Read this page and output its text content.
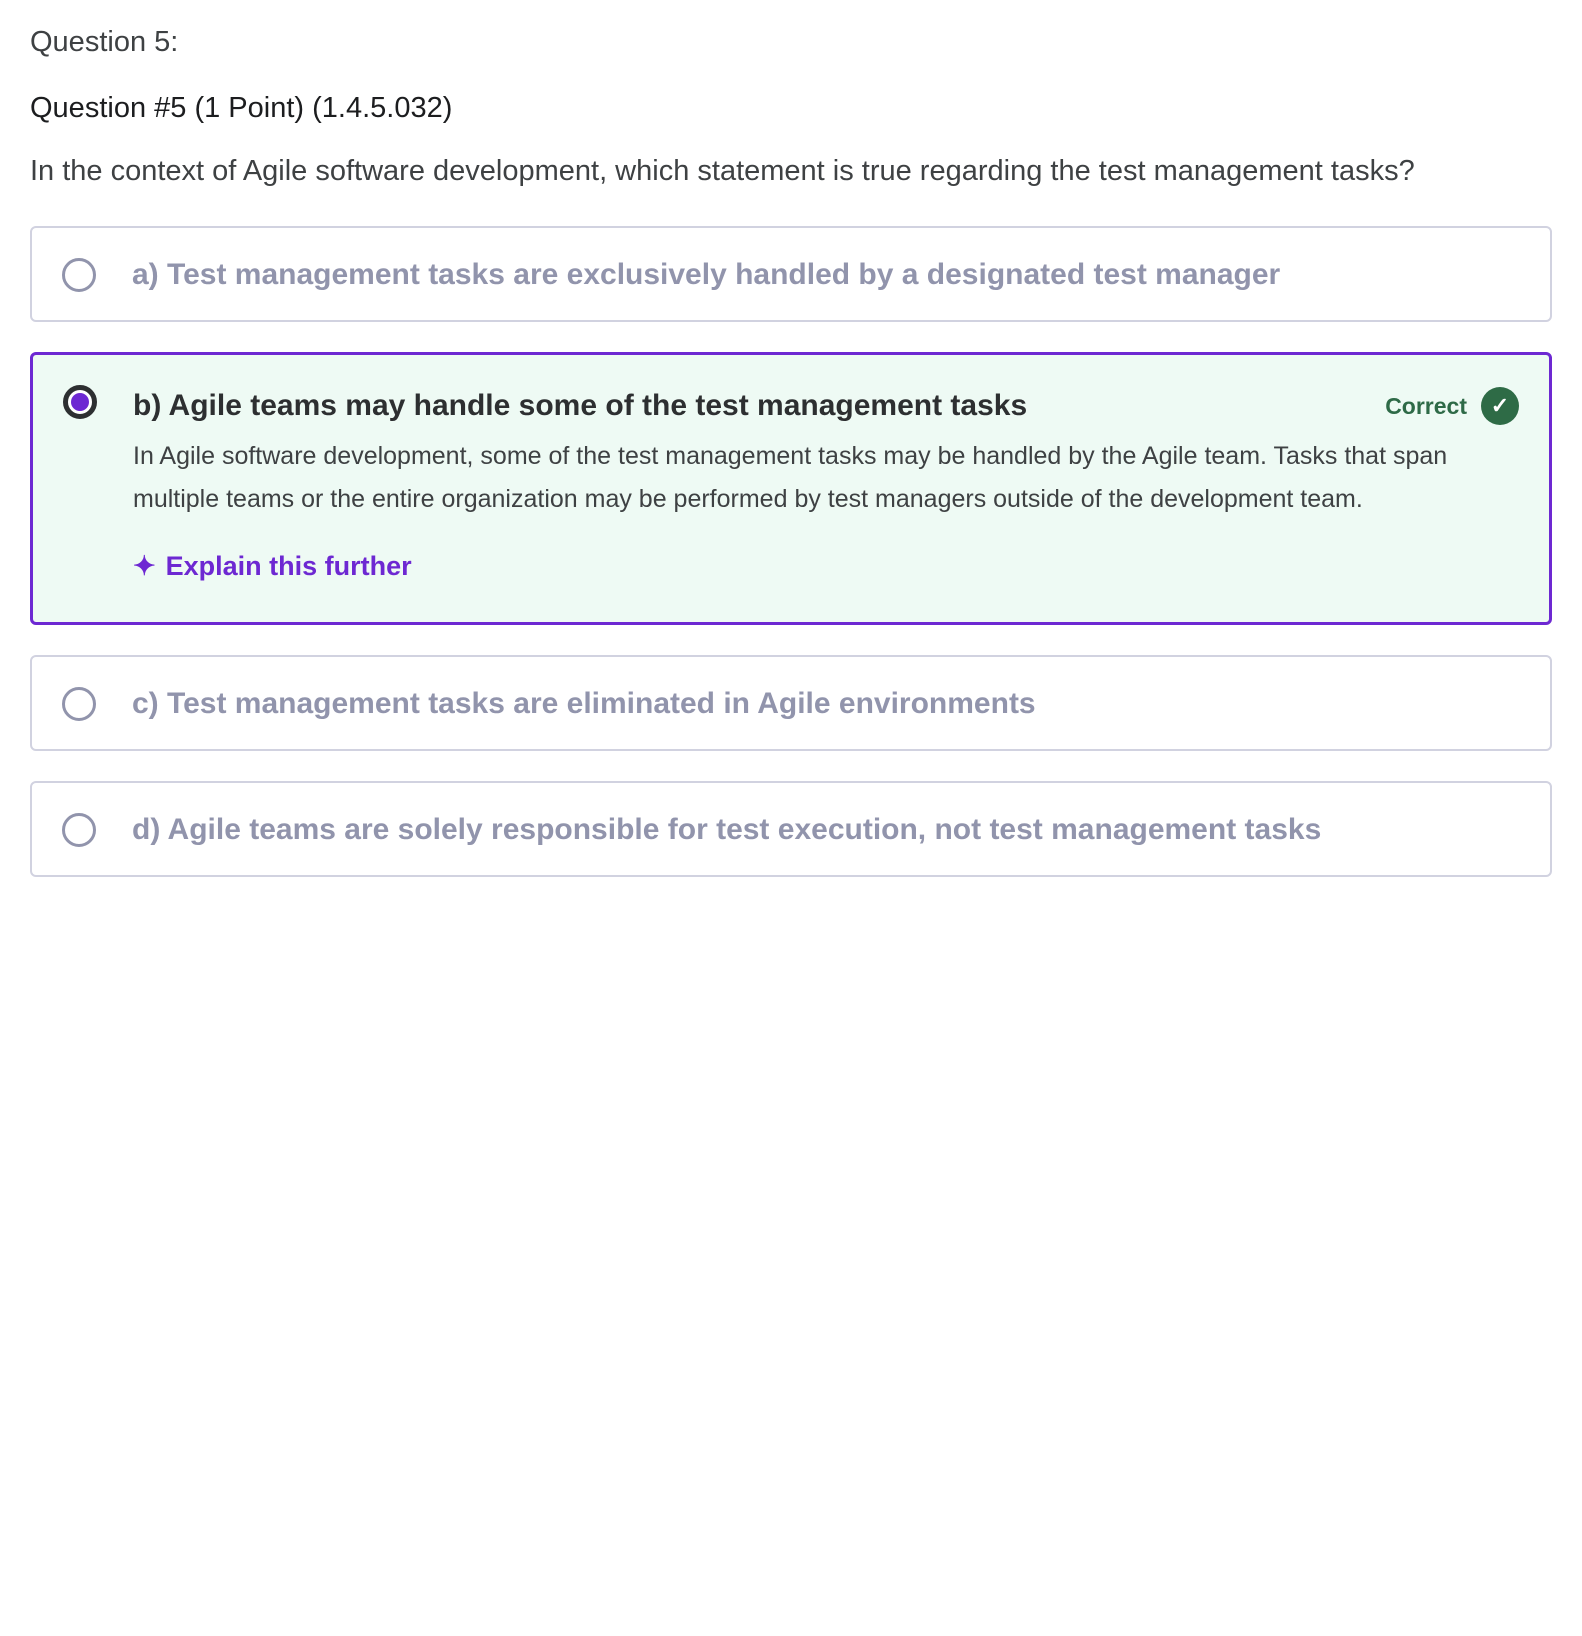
Question 5:
Question #5 (1 Point) (1.4.5.032)
In the context of Agile software development, which statement is true regarding the test management tasks?
a) Test management tasks are exclusively handled by a designated test manager
b) Agile teams may handle some of the test management tasks	Correct	✓
In Agile software development, some of the test management tasks may be handled by the Agile team. Tasks that span multiple teams or the entire organization may be performed by test managers outside of the development team.
✦ Explain this further
c) Test management tasks are eliminated in Agile environments
d) Agile teams are solely responsible for test execution, not test management tasks
